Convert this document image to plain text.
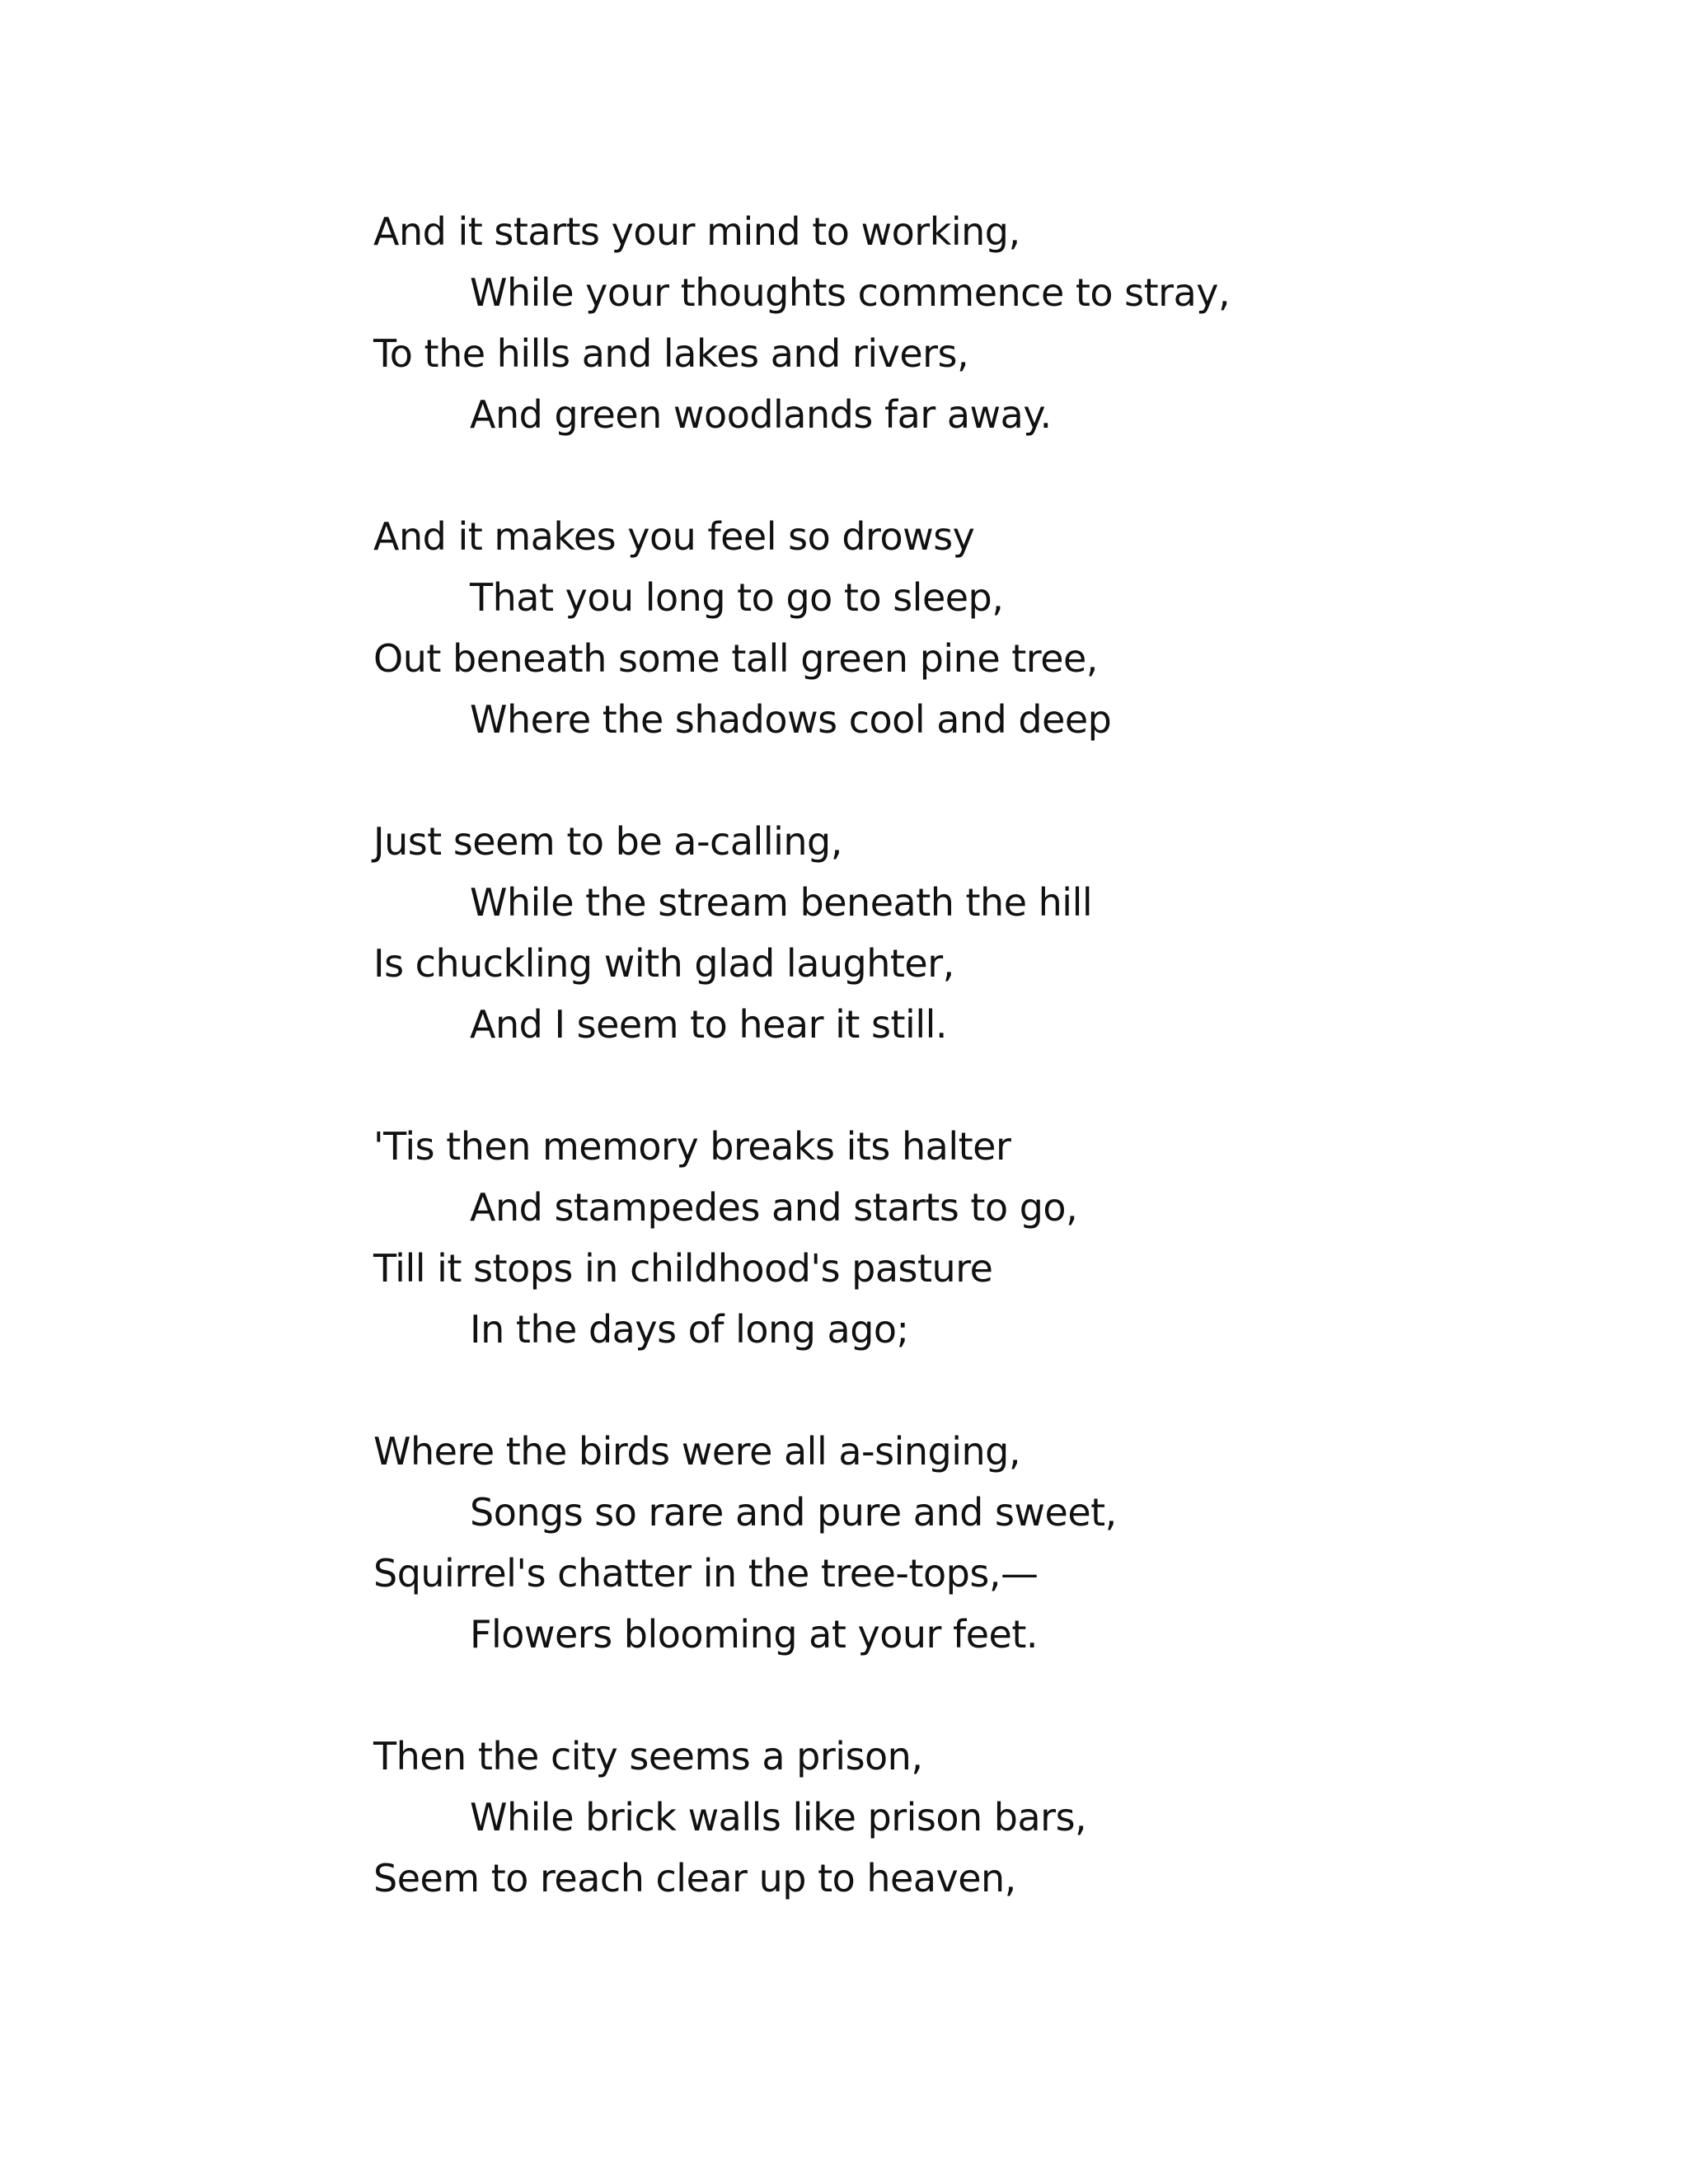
And it starts your mind to working,
While your thoughts commence to stray,
To the hills and lakes and rivers,
And green woodlands far away.
And it makes you feel so drowsy
That you long to go to sleep,
Out beneath some tall green pine tree,
Where the shadows cool and deep
Just seem to be a-calling,
While the stream beneath the hill
Is chuckling with glad laughter,
And I seem to hear it still.
'Tis then memory breaks its halter
And stampedes and starts to go,
Till it stops in childhood's pasture
In the days of long ago;
Where the birds were all a-singing,
Songs so rare and pure and sweet,
Squirrel's chatter in the tree-tops,—
Flowers blooming at your feet.
Then the city seems a prison,
While brick walls like prison bars,
Seem to reach clear up to heaven,
